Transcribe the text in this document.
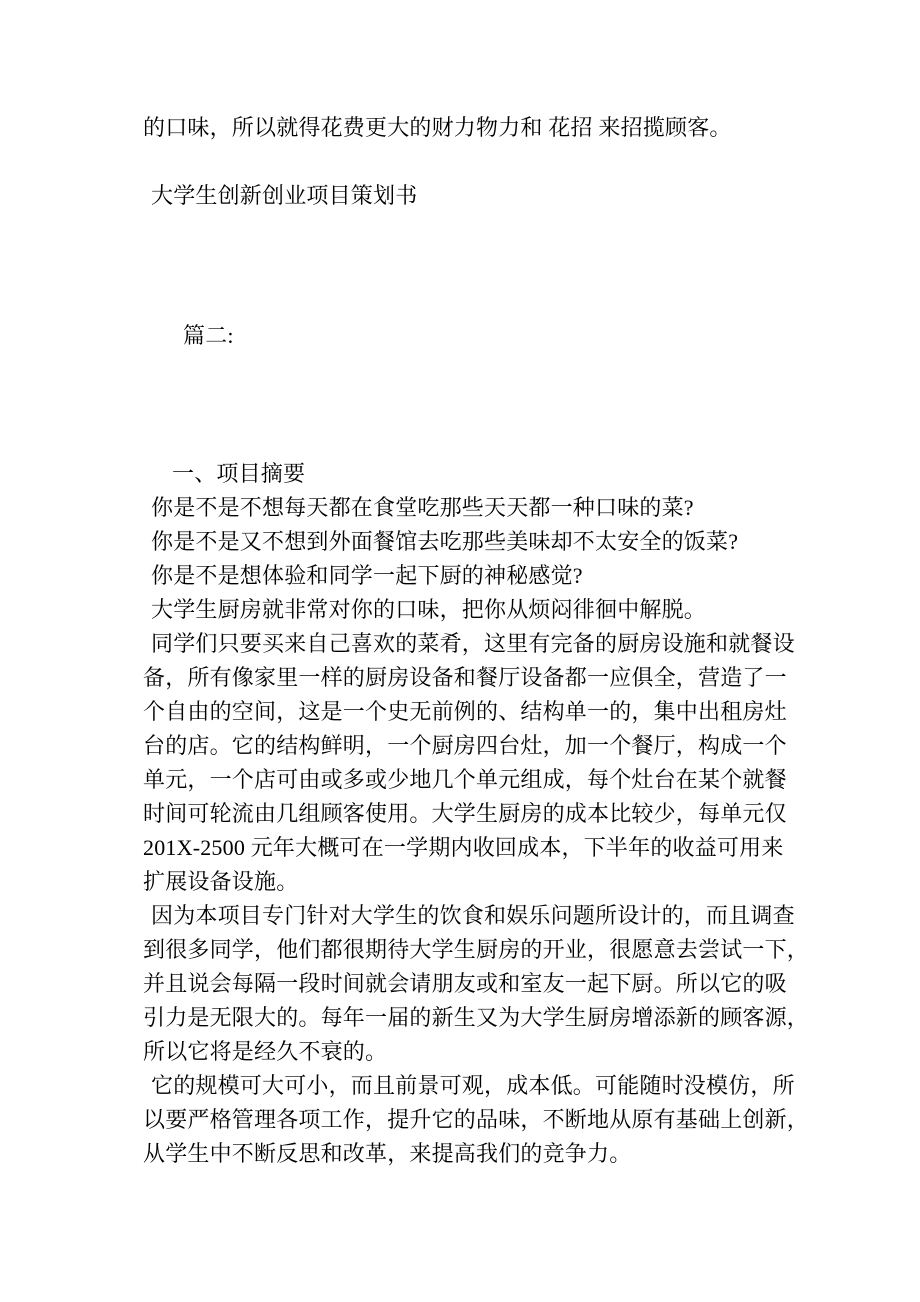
的口味，所以就得花费更大的财力物力和 花招 来招揽顾客。
大学生创新创业项目策划书
篇二:
一、项目摘要
你是不是不想每天都在食堂吃那些天天都一种口味的菜?
你是不是又不想到外面餐馆去吃那些美味却不太安全的饭菜?
你是不是想体验和同学一起下厨的神秘感觉?
大学生厨房就非常对你的口味，把你从烦闷徘徊中解脱。
同学们只要买来自己喜欢的菜肴，这里有完备的厨房设施和就餐设
备，所有像家里一样的厨房设备和餐厅设备都一应俱全，营造了一
个自由的空间，这是一个史无前例的、结构单一的，集中出租房灶
台的店。它的结构鲜明，一个厨房四台灶，加一个餐厅，构成一个
单元，一个店可由或多或少地几个单元组成，每个灶台在某个就餐
时间可轮流由几组顾客使用。大学生厨房的成本比较少，每单元仅
201X-2500 元年大概可在一学期内收回成本，下半年的收益可用来
扩展设备设施。
因为本项目专门针对大学生的饮食和娱乐问题所设计的，而且调查
到很多同学，他们都很期待大学生厨房的开业，很愿意去尝试一下，
并且说会每隔一段时间就会请朋友或和室友一起下厨。所以它的吸
引力是无限大的。每年一届的新生又为大学生厨房增添新的顾客源，
所以它将是经久不衰的。
它的规模可大可小，而且前景可观，成本低。可能随时没模仿，所
以要严格管理各项工作，提升它的品味，不断地从原有基础上创新，
从学生中不断反思和改革，来提高我们的竞争力。
